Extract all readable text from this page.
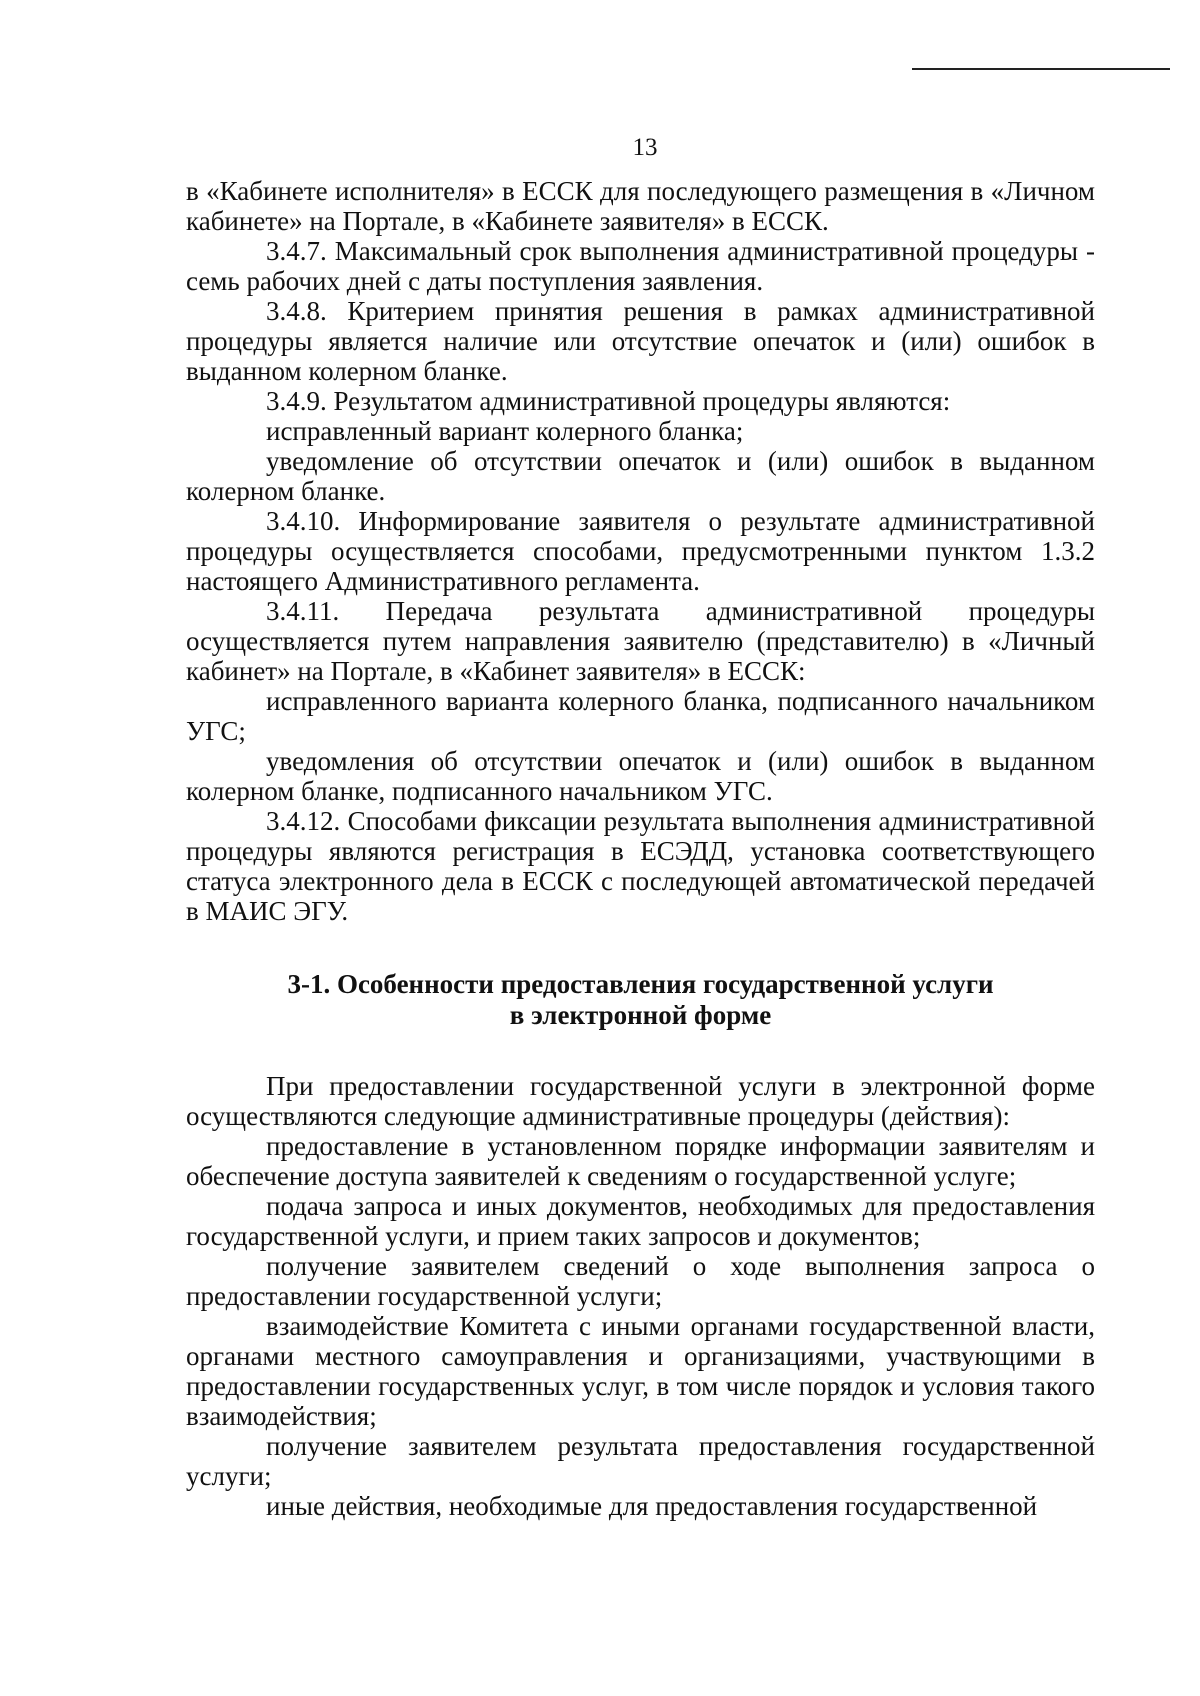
13

в «Кабинете исполнителя» в ЕССК для последующего размещения в «Личном кабинете» на Портале, в «Кабинете заявителя» в ЕССК.

3.4.7. Максимальный срок выполнения административной процедуры - семь рабочих дней с даты поступления заявления.

3.4.8. Критерием принятия решения в рамках административной процедуры является наличие или отсутствие опечаток и (или) ошибок в выданном колерном бланке.

3.4.9. Результатом административной процедуры являются:

исправленный вариант колерного бланка;

уведомление об отсутствии опечаток и (или) ошибок в выданном колерном бланке.

3.4.10. Информирование заявителя о результате административной процедуры осуществляется способами, предусмотренными пунктом 1.3.2 настоящего Административного регламента.

3.4.11. Передача результата административной процедуры осуществляется путем направления заявителю (представителю) в «Личный кабинет» на Портале, в «Кабинет заявителя» в ЕССК:

исправленного варианта колерного бланка, подписанного начальником УГС;

уведомления об отсутствии опечаток и (или) ошибок в выданном колерном бланке, подписанного начальником УГС.

3.4.12. Способами фиксации результата выполнения административной процедуры являются регистрация в ЕСЭДД, установка соответствующего статуса электронного дела в ЕССК с последующей автоматической передачей в МАИС ЭГУ.

3-1. Особенности предоставления государственной услуги
в электронной форме

При предоставлении государственной услуги в электронной форме осуществляются следующие административные процедуры (действия):

предоставление в установленном порядке информации заявителям и обеспечение доступа заявителей к сведениям о государственной услуге;

подача запроса и иных документов, необходимых для предоставления государственной услуги, и прием таких запросов и документов;

получение заявителем сведений о ходе выполнения запроса о предоставлении государственной услуги;

взаимодействие Комитета с иными органами государственной власти, органами местного самоуправления и организациями, участвующими в предоставлении государственных услуг, в том числе порядок и условия такого взаимодействия;

получение заявителем результата предоставления государственной услуги;

иные действия, необходимые для предоставления государственной
